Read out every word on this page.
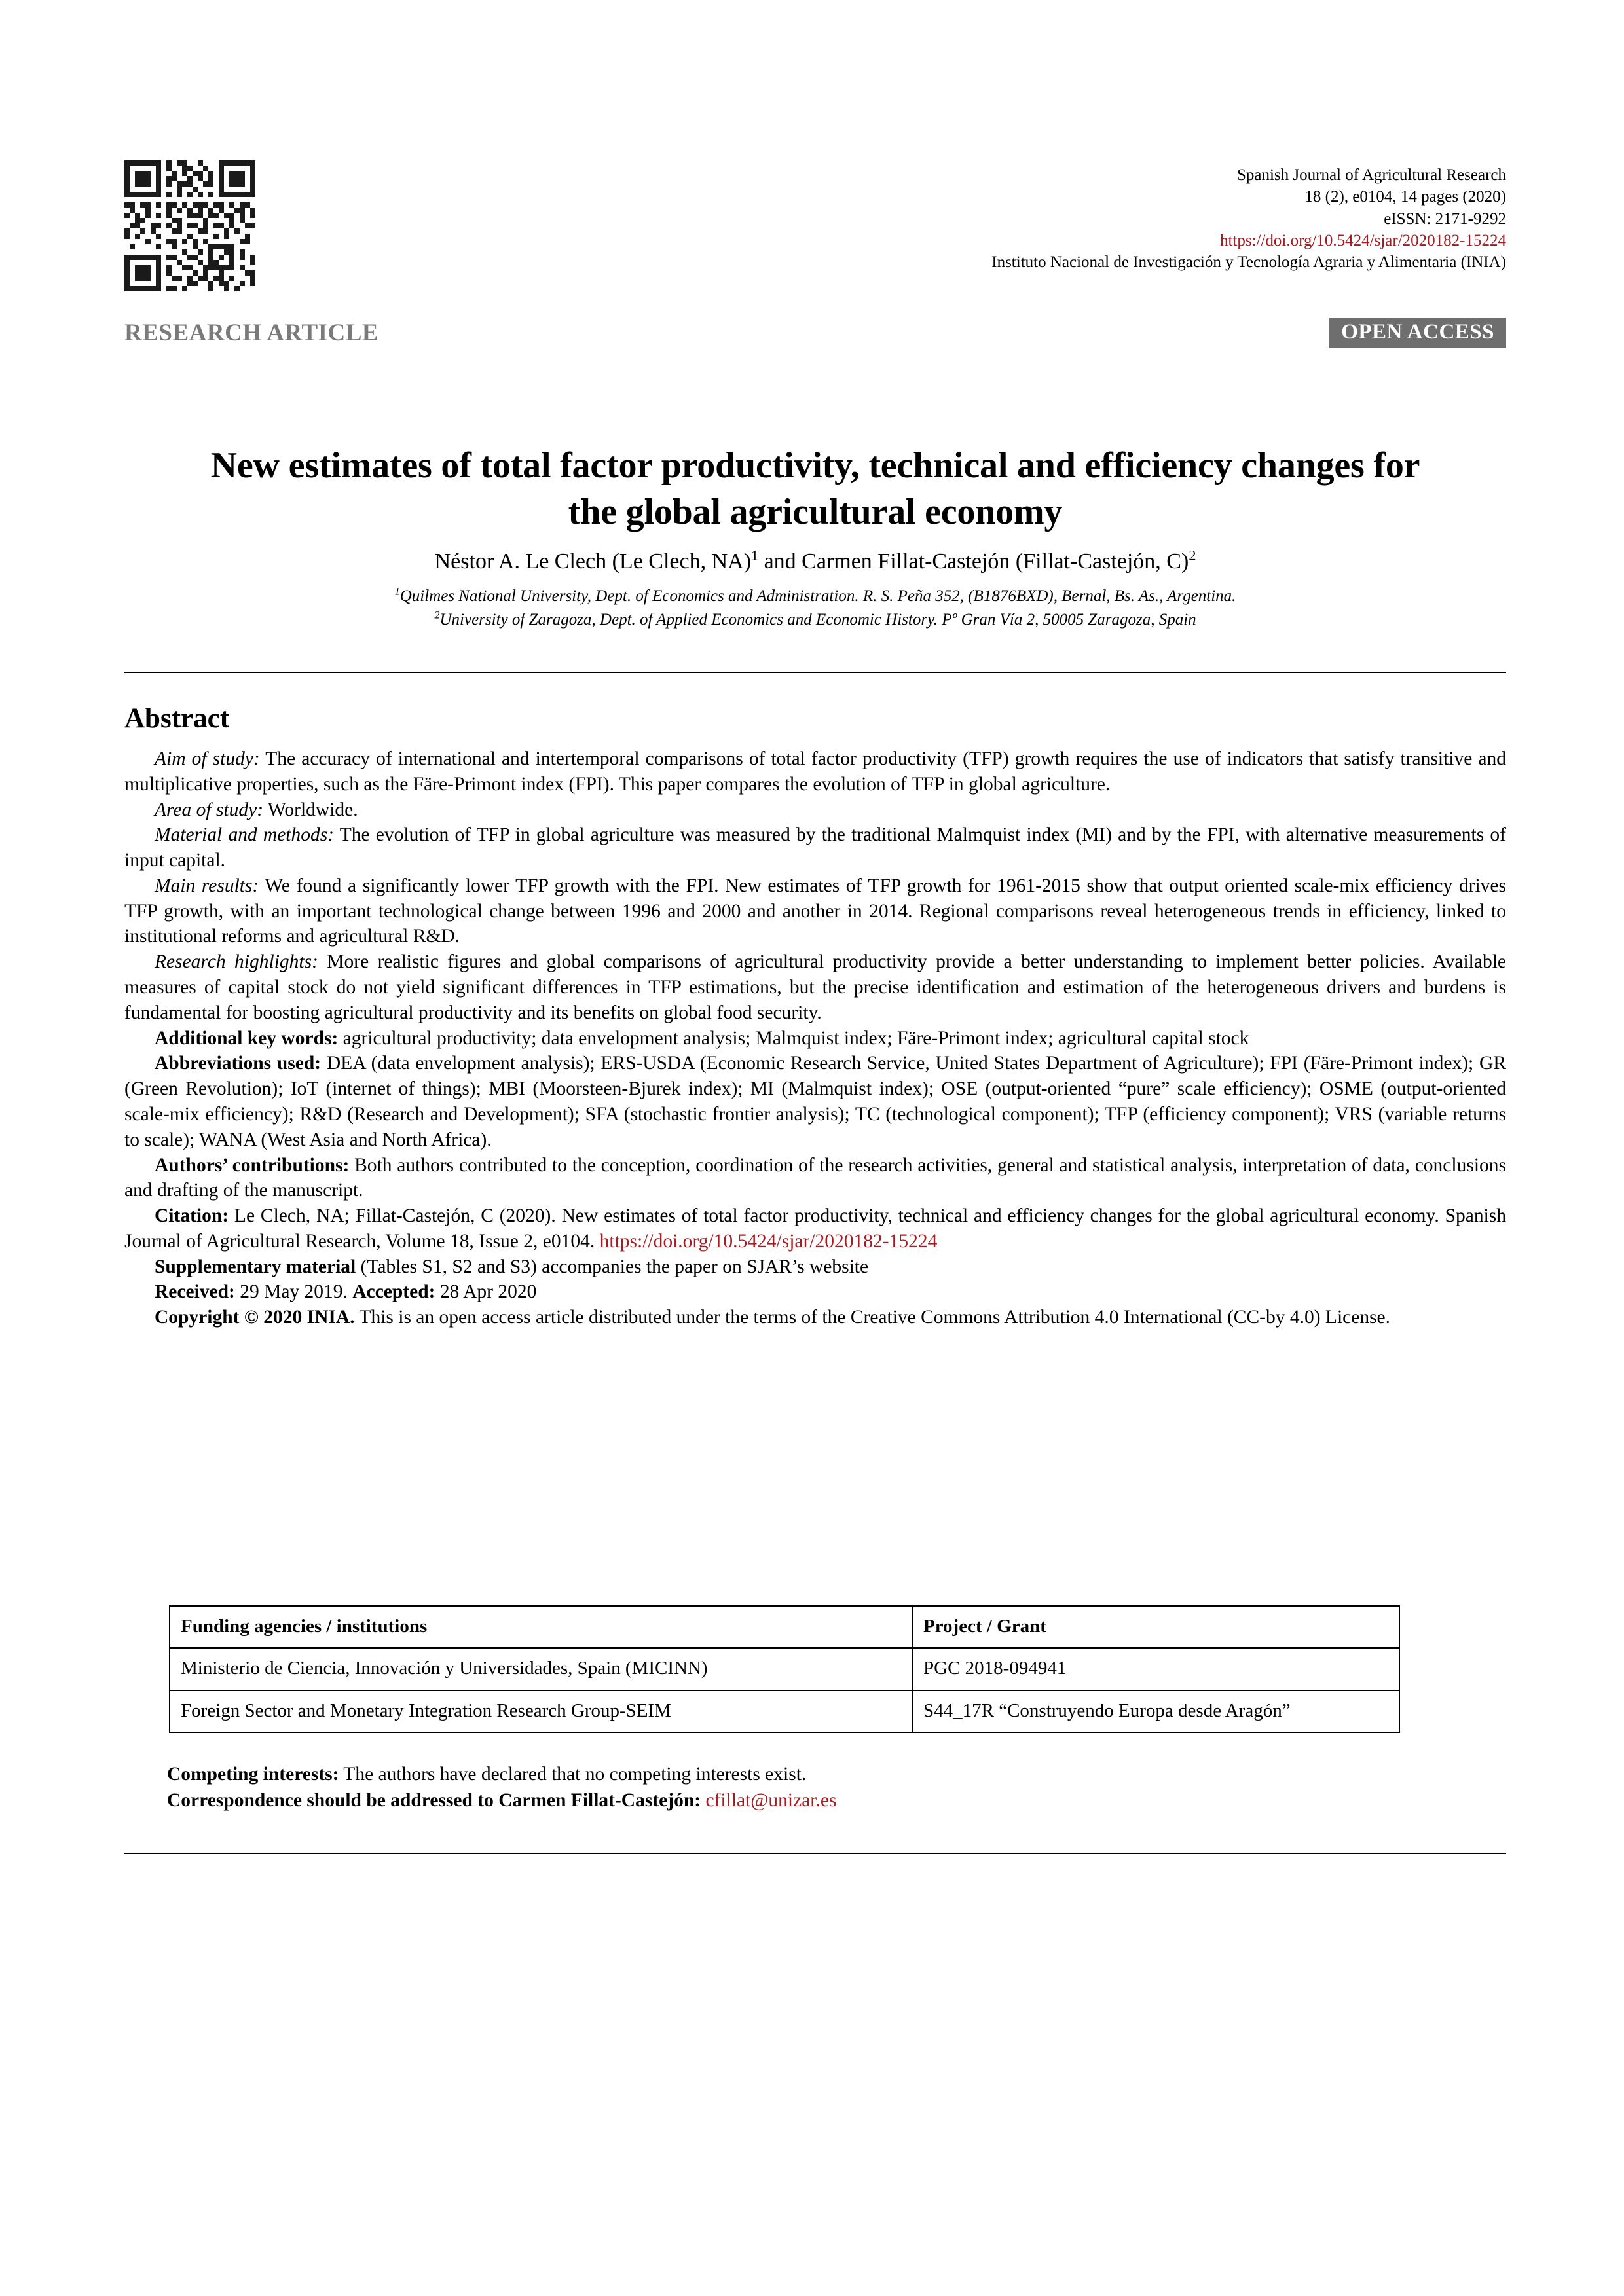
Spanish Journal of Agricultural Research
18 (2), e0104, 14 pages (2020)
eISSN: 2171-9292
https://doi.org/10.5424/sjar/2020182-15224
Instituto Nacional de Investigación y Tecnología Agraria y Alimentaria (INIA)
RESEARCH ARTICLE	OPEN ACCESS
New estimates of total factor productivity, technical and efficiency changes for the global agricultural economy
Néstor A. Le Clech (Le Clech, NA)$^1$ and Carmen Fillat-Castejón (Fillat-Castejón, C)$^2$
$^1$Quilmes National University, Dept. of Economics and Administration. R. S. Peña 352, (B1876BXD), Bernal, Bs. As., Argentina.
$^2$University of Zaragoza, Dept. of Applied Economics and Economic History. Pº Gran Vía 2, 50005 Zaragoza, Spain
Abstract

Aim of study: The accuracy of international and intertemporal comparisons of total factor productivity (TFP) growth requires the use of indicators that satisfy transitive and multiplicative properties, such as the Färe-Primont index (FPI). This paper compares the evolution of TFP in global agriculture.

Area of study: Worldwide.

Material and methods: The evolution of TFP in global agriculture was measured by the traditional Malmquist index (MI) and by the FPI, with alternative measurements of input capital.

Main results: We found a significantly lower TFP growth with the FPI. New estimates of TFP growth for 1961-2015 show that output oriented scale-mix efficiency drives TFP growth, with an important technological change between 1996 and 2000 and another in 2014. Regional comparisons reveal heterogeneous trends in efficiency, linked to institutional reforms and agricultural R&D.

Research highlights: More realistic figures and global comparisons of agricultural productivity provide a better understanding to implement better policies. Available measures of capital stock do not yield significant differences in TFP estimations, but the precise identification and estimation of the heterogeneous drivers and burdens is fundamental for boosting agricultural productivity and its benefits on global food security.

Additional key words: agricultural productivity; data envelopment analysis; Malmquist index; Färe-Primont index; agricultural capital stock

Abbreviations used: DEA (data envelopment analysis); ERS-USDA (Economic Research Service, United States Department of Agriculture); FPI (Färe-Primont index); GR (Green Revolution); IoT (internet of things); MBI (Moorsteen-Bjurek index); MI (Malmquist index); OSE (output-oriented “pure” scale efficiency); OSME (output-oriented scale-mix efficiency); R&D (Research and Development); SFA (stochastic frontier analysis); TC (technological component); TFP (efficiency component); VRS (variable returns to scale); WANA (West Asia and North Africa).

Authors’ contributions: Both authors contributed to the conception, coordination of the research activities, general and statistical analysis, interpretation of data, conclusions and drafting of the manuscript.

Citation: Le Clech, NA; Fillat-Castejón, C (2020). New estimates of total factor productivity, technical and efficiency changes for the global agricultural economy. Spanish Journal of Agricultural Research, Volume 18, Issue 2, e0104. https://doi.org/10.5424/sjar/2020182-15224

Supplementary material (Tables S1, S2 and S3) accompanies the paper on SJAR’s website

Received: 29 May 2019. Accepted: 28 Apr 2020

Copyright © 2020 INIA. This is an open access article distributed under the terms of the Creative Commons Attribution 4.0 International (CC-by 4.0) License.

Funding agencies / institutions	Project / Grant
Ministerio de Ciencia, Innovación y Universidades, Spain (MICINN)	PGC 2018-094941
Foreign Sector and Monetary Integration Research Group-SEIM	S44_17R “Construyendo Europa desde Aragón”

Competing interests: The authors have declared that no competing interests exist.

Correspondence should be addressed to Carmen Fillat-Castejón: cfillat@unizar.es
